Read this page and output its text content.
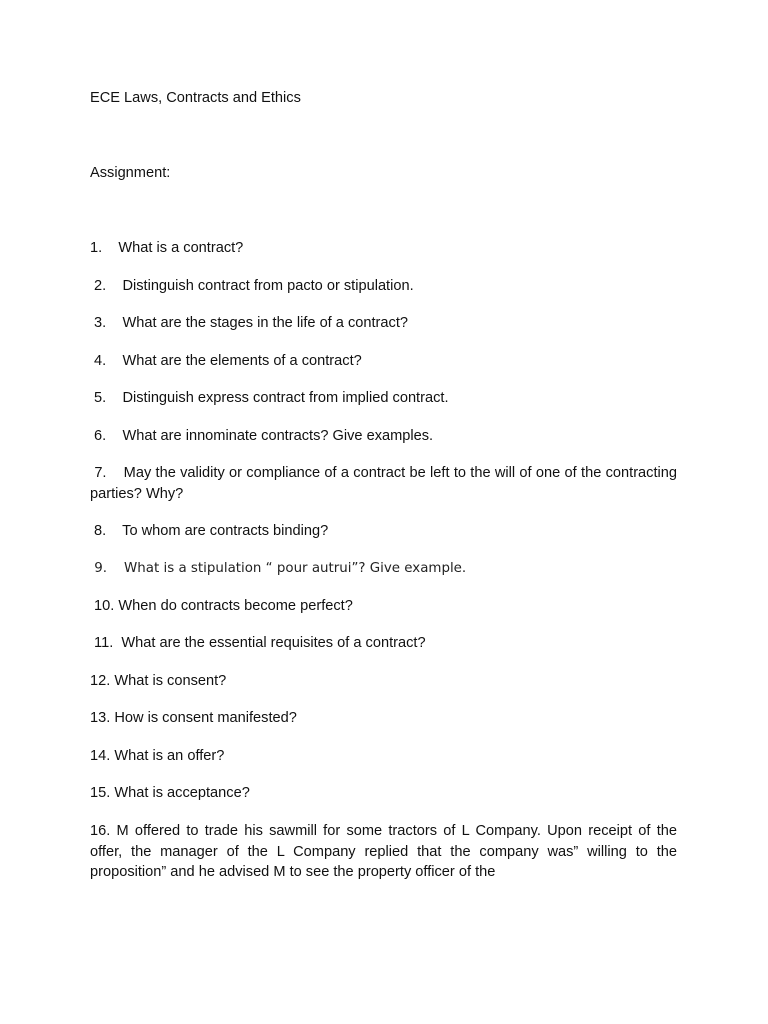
ECE Laws, Contracts and Ethics
Assignment:
1.    What is a contract?
2.    Distinguish contract from pacto or stipulation.
3.    What are the stages in the life of a contract?
4.    What are the elements of a contract?
5.    Distinguish express contract from implied contract.
6.    What are innominate contracts? Give examples.
7.    May the validity or compliance of a contract be left to the will of one of the contracting parties? Why?
8.    To whom are contracts binding?
9.    What is a stipulation “ pour autrui”? Give example.
10. When do contracts become perfect?
11.  What are the essential requisites of a contract?
12. What is consent?
13. How is consent manifested?
14. What is an offer?
15. What is acceptance?
16. M offered to trade his sawmill for some tractors of L Company. Upon receipt of the offer, the manager of the L Company replied that the company was” willing to the proposition” and he advised M to see the property officer of the
